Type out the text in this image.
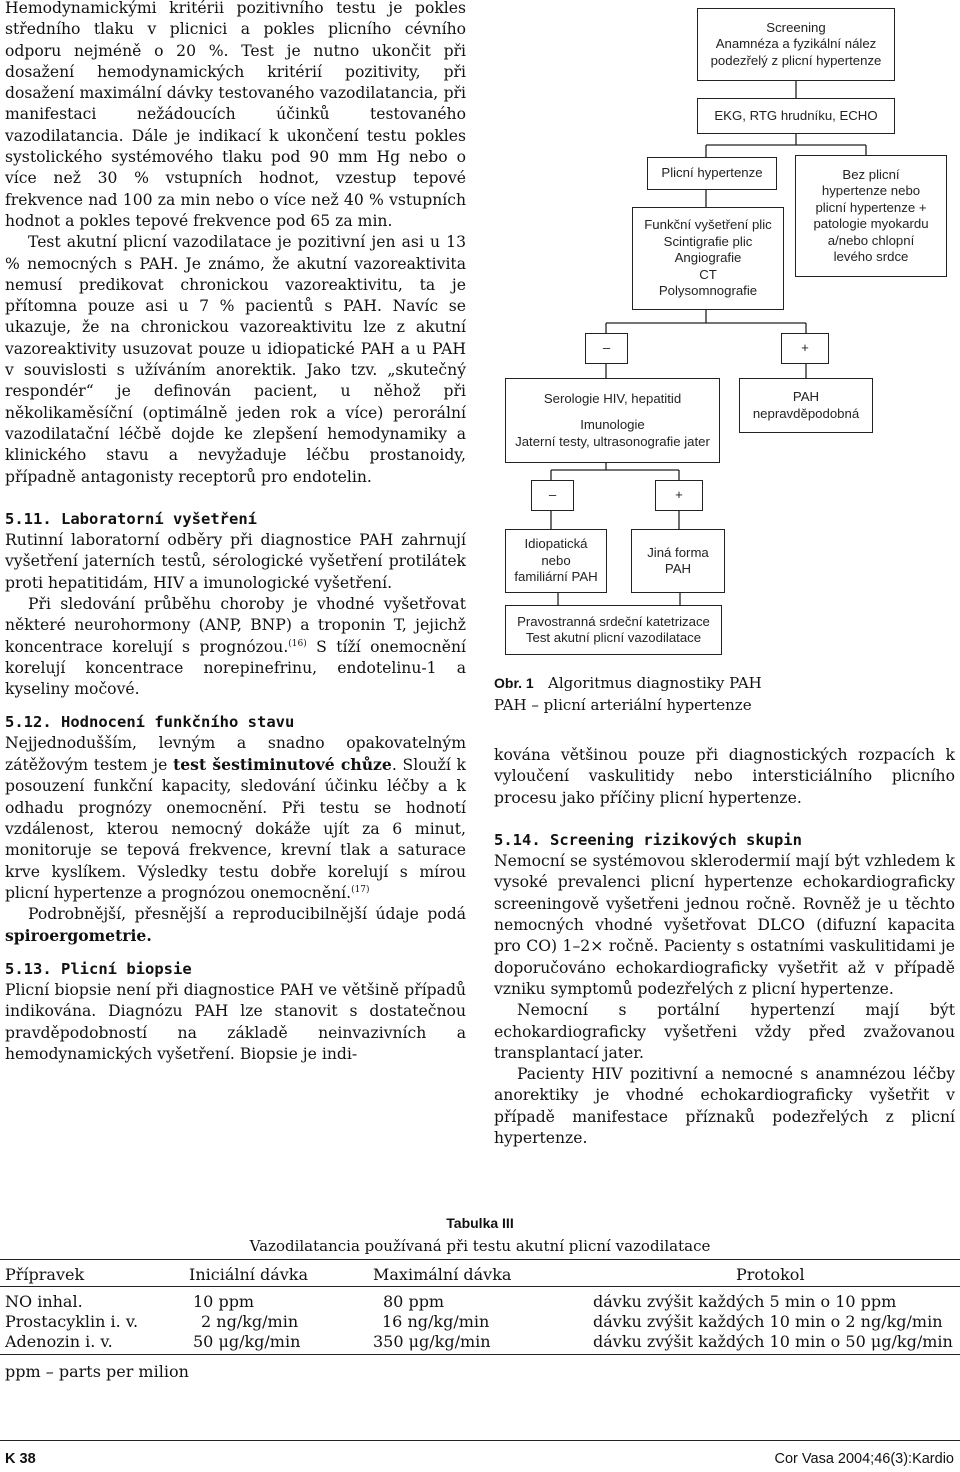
Hemodynamickými kritérii pozitivního testu je pokles středního tlaku v plicnici a pokles plicního cévního odporu nejméně o 20 %. Test je nutno ukončit při dosažení hemodynamických kritérií pozitivity, při dosažení maximální dávky testovaného vazodilatancia, při manifestaci nežádoucích účinků testovaného vazodilatancia. Dále je indikací k ukončení testu pokles systolického systémového tlaku pod 90 mm Hg nebo o více než 30 % vstupních hodnot, vzestup tepové frekvence nad 100 za min nebo o více než 40 % vstupních hodnot a pokles tepové frekvence pod 65 za min.

Test akutní plicní vazodilatace je pozitivní jen asi u 13 % nemocných s PAH. Je známo, že akutní vazoreaktivita nemusí predikovat chronickou vazoreaktivitu, ta je přítomna pouze asi u 7 % pacientů s PAH. Navíc se ukazuje, že na chronickou vazoreaktivitu lze z akutní vazoreaktivity usuzovat pouze u idiopatické PAH a u PAH v souvislosti s užíváním anorektik. Jako tzv. „skutečný respondér“ je definován pacient, u něhož při několikaměsíční (optimálně jeden rok a více) perorální vazodilatační léčbě dojde ke zlepšení hemodynamiky a klinického stavu a nevyžaduje léčbu prostanoidy, případně antagonisty receptorů pro endotelin.

5.11. Laboratorní vyšetření

Rutinní laboratorní odběry při diagnostice PAH zahrnují vyšetření jaterních testů, sérologické vyšetření protilátek proti hepatitidám, HIV a imunologické vyšetření.

Při sledování průběhu choroby je vhodné vyšetřovat některé neurohormony (ANP, BNP) a troponin T, jejichž koncentrace korelují s prognózou.$^{(16)}$ S tíží onemocnění korelují koncentrace norepinefrinu, endotelinu-1 a kyseliny močové.

5.12. Hodnocení funkčního stavu

Nejjednodušším, levným a snadno opakovatelným zátěžovým testem je test šestiminutové chůze. Slouží k posouzení funkční kapacity, sledování účinku léčby a k odhadu prognózy onemocnění. Při testu se hodnotí vzdálenost, kterou nemocný dokáže ujít za 6 minut, monitoruje se tepová frekvence, krevní tlak a saturace krve kyslíkem. Výsledky testu dobře korelují s mírou plicní hypertenze a prognózou onemocnění.$^{(17)}$

Podrobnější, přesnější a reproducibilnější údaje podá spiroergometrie.

5.13. Plicní biopsie

Plicní biopsie není při diagnostice PAH ve většině případů indikována. Diagnózu PAH lze stanovit s dostatečnou pravděpodobností na základě neinvazivních a hemodynamických vyšetření. Biopsie je indi-

Screening
Anamnéza a fyzikální nález
podezřelý z plicní hypertenze
EKG, RTG hrudníku, ECHO
Plicní hypertenze	Bez plicní
hypertenze nebo
plicní hypertenze +
patologie myokardu
a/nebo chlopní
levého srdce
Funkční vyšetření plic
Scintigrafie plic
Angiografie
CT
Polysomnografie
–	+
Serologie HIV, hepatitid
Imunologie
Jaterní testy, ultrasonografie jater
PAH
nepravděpodobná
–	+
Idiopatická
nebo
familiární PAH
Jiná forma
PAH
Pravostranná srdeční katetrizace
Test akutní plicní vazodilatace
Obr. 1 Algoritmus diagnostiky PAH
PAH – plicní arteriální hypertenze

kována většinou pouze při diagnostických rozpacích k vyloučení vaskulitidy nebo intersticiálního plicního procesu jako příčiny plicní hypertenze.

5.14. Screening rizikových skupin

Nemocní se systémovou sklerodermií mají být vzhledem k vysoké prevalenci plicní hypertenze echokardiograficky screeningově vyšetřeni jednou ročně. Rovněž je u těchto nemocných vhodné vyšetřovat DLCO (difuzní kapacita pro CO) 1–2× ročně. Pacienty s ostatními vaskulitidami je doporučováno echokardiograficky vyšetřit až v případě vzniku symptomů podezřelých z plicní hypertenze.

Nemocní s portální hypertenzí mají být echokardiograficky vyšetřeni vždy před zvažovanou transplantací jater.

Pacienty HIV pozitivní a nemocné s anamnézou léčby anorektiky je vhodné echokardiograficky vyšetřit v případě manifestace příznaků podezřelých z plicní hypertenze.

Tabulka III
Vazodilatancia používaná při testu akutní plicní vazodilatace
Přípravek	Iniciální dávka	Maximální dávka	Protokol
NO inhal.	10 ppm	80 ppm	dávku zvýšit každých 5 min o 10 ppm
Prostacyklin i. v.	2 ng/kg/min	16 ng/kg/min	dávku zvýšit každých 10 min o 2 ng/kg/min
Adenozin i. v.	50 μg/kg/min	350 μg/kg/min	dávku zvýšit každých 10 min o 50 μg/kg/min
ppm – parts per milion
K 38	Cor Vasa 2004;46(3):Kardio
